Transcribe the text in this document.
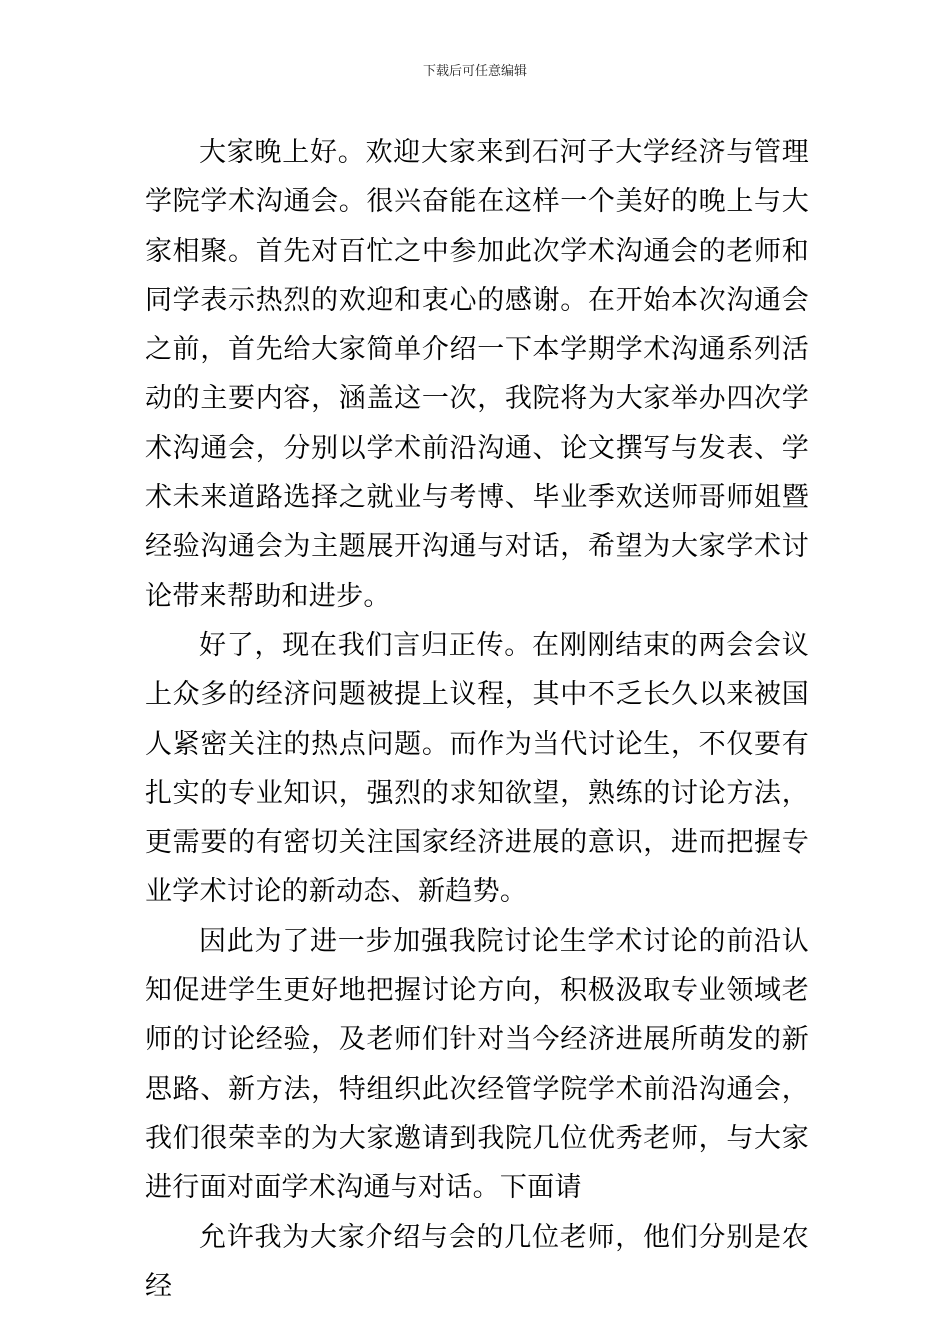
下载后可任意编辑

大家晚上好。欢迎大家来到石河子大学经济与管理学院学术沟通会。很兴奋能在这样一个美好的晚上与大家相聚。首先对百忙之中参加此次学术沟通会的老师和同学表示热烈的欢迎和衷心的感谢。在开始本次沟通会之前，首先给大家简单介绍一下本学期学术沟通系列活动的主要内容，涵盖这一次，我院将为大家举办四次学术沟通会，分别以学术前沿沟通、论文撰写与发表、学术未来道路选择之就业与考博、毕业季欢送师哥师姐暨经验沟通会为主题展开沟通与对话，希望为大家学术讨论带来帮助和进步。

好了，现在我们言归正传。在刚刚结束的两会会议上众多的经济问题被提上议程，其中不乏长久以来被国人紧密关注的热点问题。而作为当代讨论生，不仅要有扎实的专业知识，强烈的求知欲望，熟练的讨论方法，更需要的有密切关注国家经济进展的意识，进而把握专业学术讨论的新动态、新趋势。

因此为了进一步加强我院讨论生学术讨论的前沿认知促进学生更好地把握讨论方向，积极汲取专业领域老师的讨论经验，及老师们针对当今经济进展所萌发的新思路、新方法，特组织此次经管学院学术前沿沟通会，我们很荣幸的为大家邀请到我院几位优秀老师，与大家进行面对面学术沟通与对话。下面请

允许我为大家介绍与会的几位老师，他们分别是农经
